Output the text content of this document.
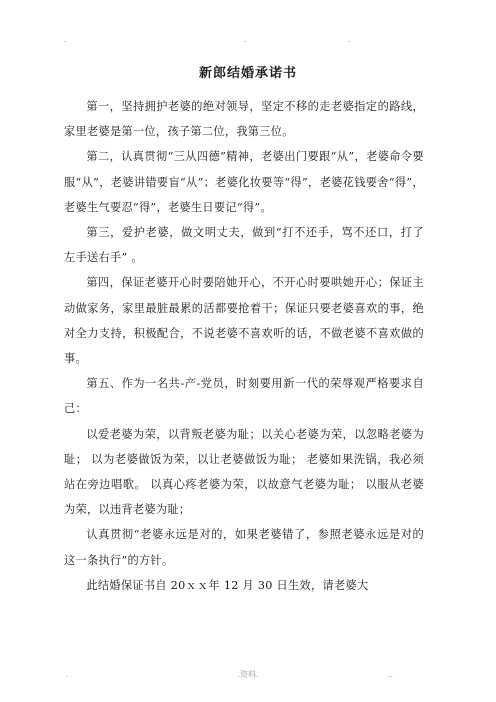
.	.	.
新郎结婚承诺书

第一，坚持拥护老婆的绝对领导，坚定不移的走老婆指定的路线，家里老婆是第一位，孩子第二位，我第三位。

第二，认真贯彻“三从四德”精神，老婆出门要跟“从”，老婆命令要服“从”，老婆讲错要盲“从”；老婆化妆要等“得”，老婆花钱要舍“得”，老婆生气要忍“得”，老婆生日要记“得”。

第三，爱护老婆，做文明丈夫，做到“打不还手，骂不还口，打了左手送右手” 。

第四，保证老婆开心时要陪她开心，不开心时要哄她开心；保证主动做家务，家里最脏最累的活都要抢着干；保证只要老婆喜欢的事，绝对全力支持，积极配合，不说老婆不喜欢听的话，不做老婆不喜欢做的事。

第五、作为一名共-产-党员，时刻要用新一代的荣辱观严格要求自己：

以爱老婆为荣，以背叛老婆为耻；以关心老婆为荣，以忽略老婆为耻； 以为老婆做饭为荣，以让老婆做饭为耻； 老婆如果洗锅，我必须站在旁边唱歌。 以真心疼老婆为荣，以故意气老婆为耻； 以服从老婆为荣，以违背老婆为耻；

认真贯彻“老婆永远是对的，如果老婆错了，参照老婆永远是对的这一条执行”的方针。

此结婚保证书自 20ｘｘ年 12 月 30 日生效，请老婆大

.	.资料.	..
